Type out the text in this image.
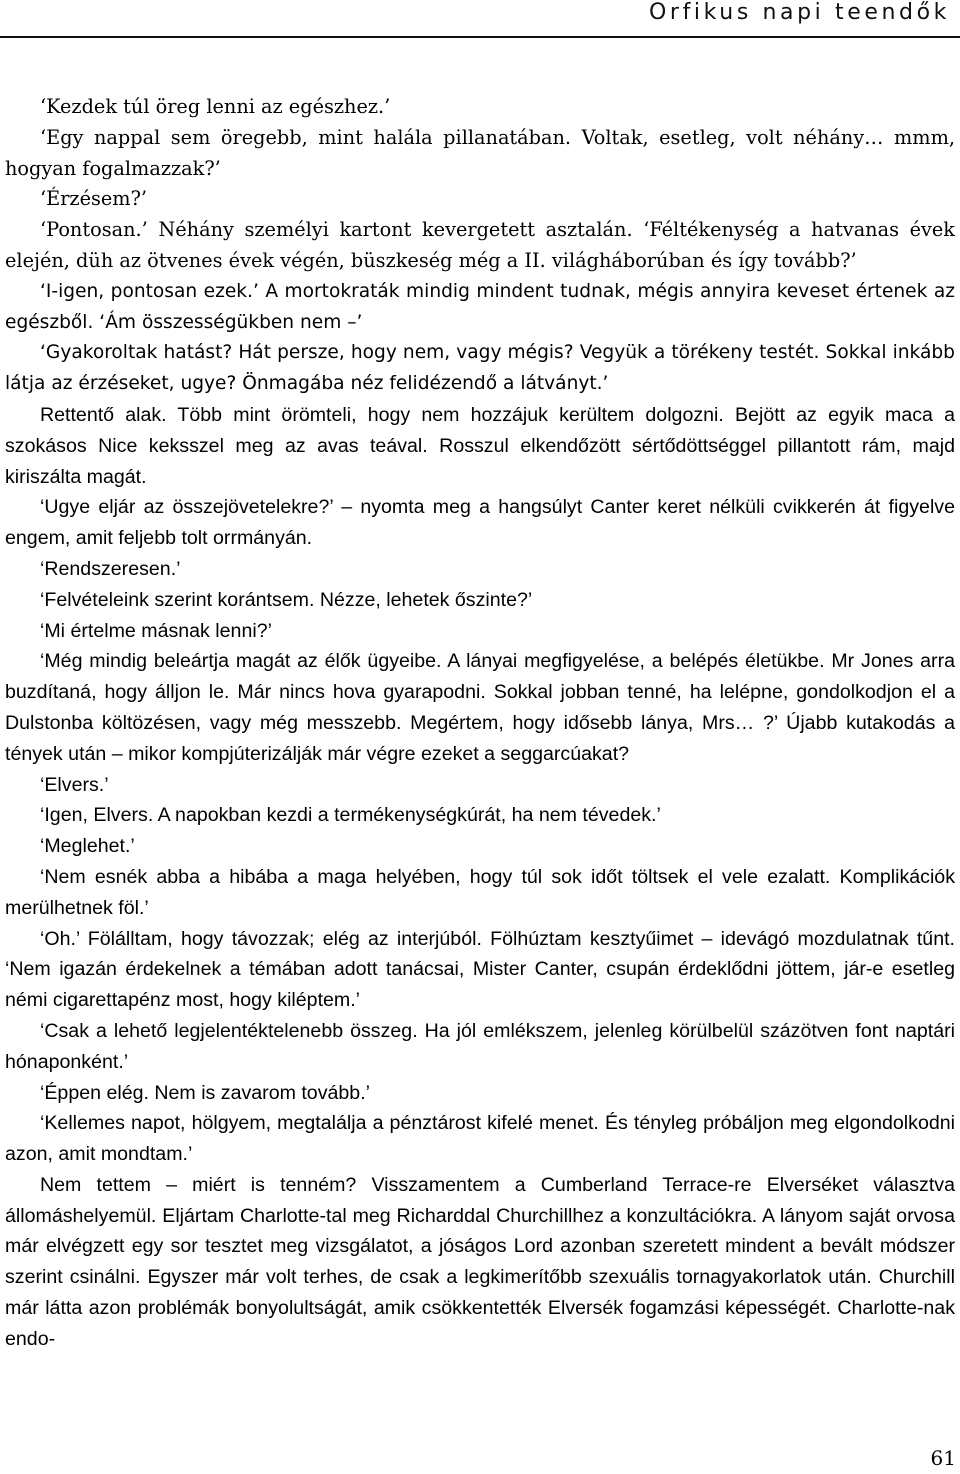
Orfikus napi teendők

‘Kezdek túl öreg lenni az egészhez.’

‘Egy nappal sem öregebb, mint halála pillanatában. Voltak, esetleg, volt néhány… mmm, hogyan fogalmazzak?’

‘Érzésem?’

‘Pontosan.’ Néhány személyi kartont kevergetett asztalán. ‘Féltékenység a hatvanas évek elején, düh az ötvenes évek végén, büszkeség még a II. világháborúban és így tovább?’

‘I-igen, pontosan ezek.’ A mortokraták mindig mindent tudnak, mégis annyira keveset értenek az egészből. ‘Ám összességükben nem –’

‘Gyakoroltak hatást? Hát persze, hogy nem, vagy mégis? Vegyük a törékeny testét. Sokkal inkább látja az érzéseket, ugye? Önmagába néz felidézendő a látványt.’

Rettentő alak. Több mint örömteli, hogy nem hozzájuk kerültem dolgozni. Bejött az egyik maca a szokásos Nice keksszel meg az avas teával. Rosszul elkendőzött sértődöttséggel pillantott rám, majd kiriszálta magát.

‘Ugye eljár az összejövetelekre?’ – nyomta meg a hangsúlyt Canter keret nélküli cvikkerén át figyelve engem, amit feljebb tolt orrmányán.

‘Rendszeresen.’

‘Felvételeink szerint korántsem. Nézze, lehetek őszinte?’

‘Mi értelme másnak lenni?’

‘Még mindig beleártja magát az élők ügyeibe. A lányai megfigyelése, a belépés életükbe. Mr Jones arra buzdítaná, hogy álljon le. Már nincs hova gyarapodni. Sokkal jobban tenné, ha lelépne, gondolkodjon el a Dulstonba költözésen, vagy még messzebb. Megértem, hogy idősebb lánya, Mrs… ?’ Újabb kutakodás a tények után – mikor kompjúterizálják már végre ezeket a seggarcúakat?

‘Elvers.’

‘Igen, Elvers. A napokban kezdi a termékenységkúrát, ha nem tévedek.’

‘Meglehet.’

‘Nem esnék abba a hibába a maga helyében, hogy túl sok időt töltsek el vele ezalatt. Komplikációk merülhetnek föl.’

‘Oh.’ Fölálltam, hogy távozzak; elég az interjúból. Fölhúztam kesztyűimet – idevágó mozdulatnak tűnt. ‘Nem igazán érdekelnek a témában adott tanácsai, Mister Canter, csupán érdeklődni jöttem, jár-e esetleg némi cigarettapénz most, hogy kiléptem.’

‘Csak a lehető legjelentéktelenebb összeg. Ha jól emlékszem, jelenleg körülbelül százötven font naptári hónaponként.’

‘Éppen elég. Nem is zavarom tovább.’

‘Kellemes napot, hölgyem, megtalálja a pénztárost kifelé menet. És tényleg próbáljon meg elgondolkodni azon, amit mondtam.’

Nem tettem – miért is tenném? Visszamentem a Cumberland Terrace-re Elverséket választva állomáshelyemül. Eljártam Charlotte-tal meg Richarddal Churchillhez a konzultációkra. A lányom saját orvosa már elvégzett egy sor tesztet meg vizsgálatot, a jóságos Lord azonban szeretett mindent a bevált módszer szerint csinálni. Egyszer már volt terhes, de csak a legkimerítőbb szexuális tornagyakorlatok után. Churchill már látta azon problémák bonyolultságát, amik csökkentették Elversék fogamzási képességét. Charlotte-nak endo-

61
